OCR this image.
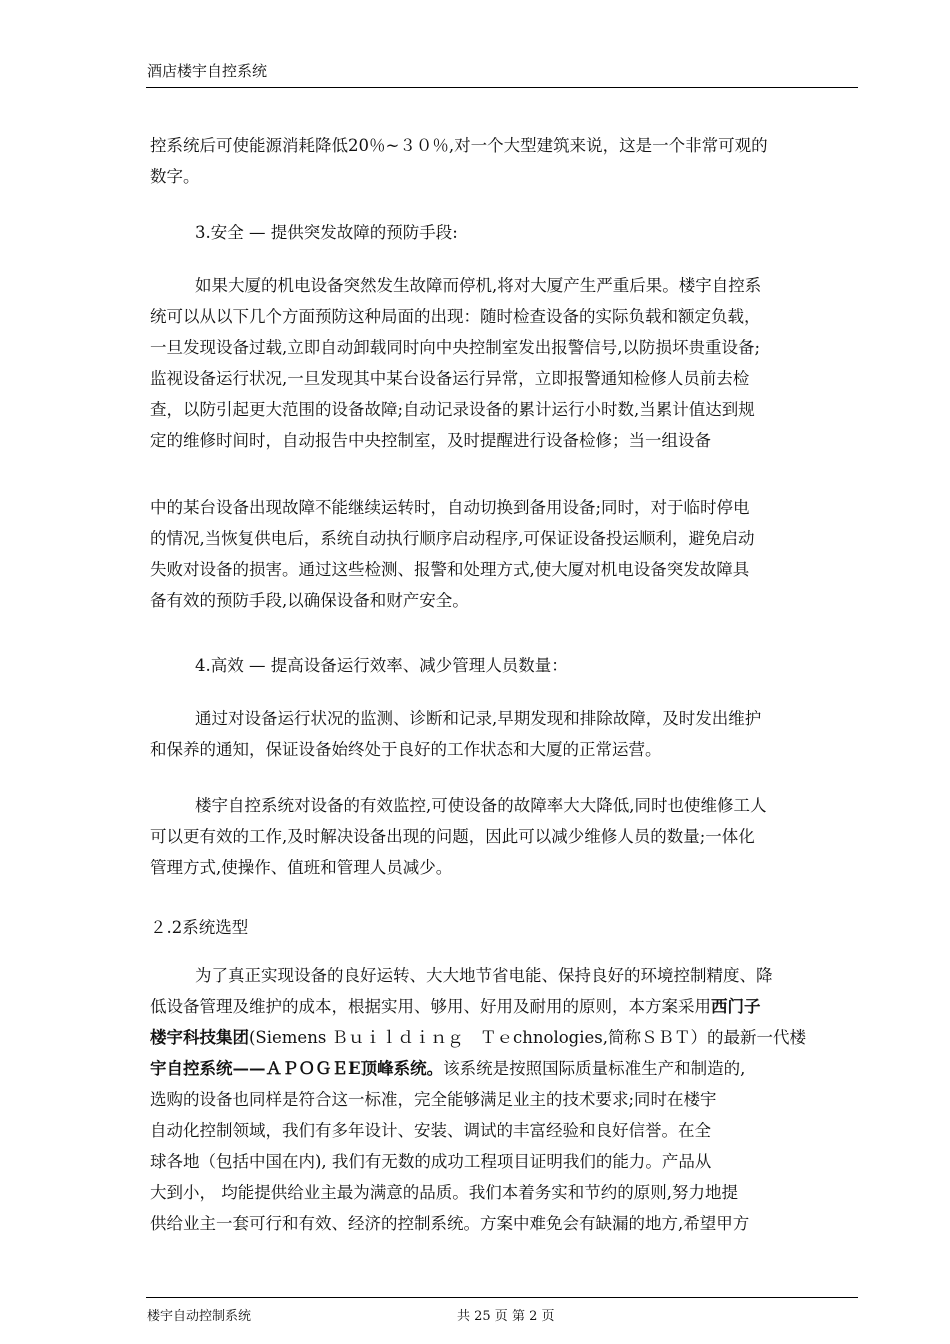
酒店楼宇自控系统
控系统后可使能源消耗降低20％~３０％,对一个大型建筑来说，这是一个非常可观的
数字。
3.安全 — 提供突发故障的预防手段:
如果大厦的机电设备突然发生故障而停机,将对大厦产生严重后果。楼宇自控系
统可以从以下几个方面预防这种局面的出现：随时检查设备的实际负载和额定负载，
一旦发现设备过载,立即自动卸载同时向中央控制室发出报警信号,以防损坏贵重设备;
监视设备运行状况,一旦发现其中某台设备运行异常，立即报警通知检修人员前去检
查，以防引起更大范围的设备故障;自动记录设备的累计运行小时数,当累计值达到规
定的维修时间时，自动报告中央控制室，及时提醒进行设备检修；当一组设备
中的某台设备出现故障不能继续运转时，自动切换到备用设备;同时，对于临时停电
的情况,当恢复供电后，系统自动执行顺序启动程序,可保证设备投运顺利，避免启动
失败对设备的损害。通过这些检测、报警和处理方式,使大厦对机电设备突发故障具
备有效的预防手段,以确保设备和财产安全。
4.高效 — 提高设备运行效率、减少管理人员数量：
通过对设备运行状况的监测、诊断和记录,早期发现和排除故障，及时发出维护
和保养的通知，保证设备始终处于良好的工作状态和大厦的正常运营。
楼宇自控系统对设备的有效监控,可使设备的故障率大大降低,同时也使维修工人
可以更有效的工作,及时解决设备出现的问题，因此可以减少维修人员的数量;一体化
管理方式,使操作、值班和管理人员减少。
２.2系统选型
为了真正实现设备的良好运转、大大地节省电能、保持良好的环境控制精度、降
低设备管理及维护的成本，根据实用、够用、好用及耐用的原则，本方案采用西门子
楼宇科技集团(Siemens Ｂｕｉｌｄｉｎｇ　Ｔｅchnologies,简称ＳＢＴ）的最新一代楼
宇自控系统——ＡＰＯＧＥE顶峰系统。该系统是按照国际质量标准生产和制造的,
选购的设备也同样是符合这一标准，完全能够满足业主的技术要求;同时在楼宇
自动化控制领域，我们有多年设计、安装、调试的丰富经验和良好信誉。在全
球各地（包括中国在内), 我们有无数的成功工程项目证明我们的能力。产品从
大到小， 均能提供给业主最为满意的品质。我们本着务实和节约的原则,努力地提
供给业主一套可行和有效、经济的控制系统。方案中难免会有缺漏的地方,希望甲方
楼宇自动控制系统	共 25 页 第 2 页
